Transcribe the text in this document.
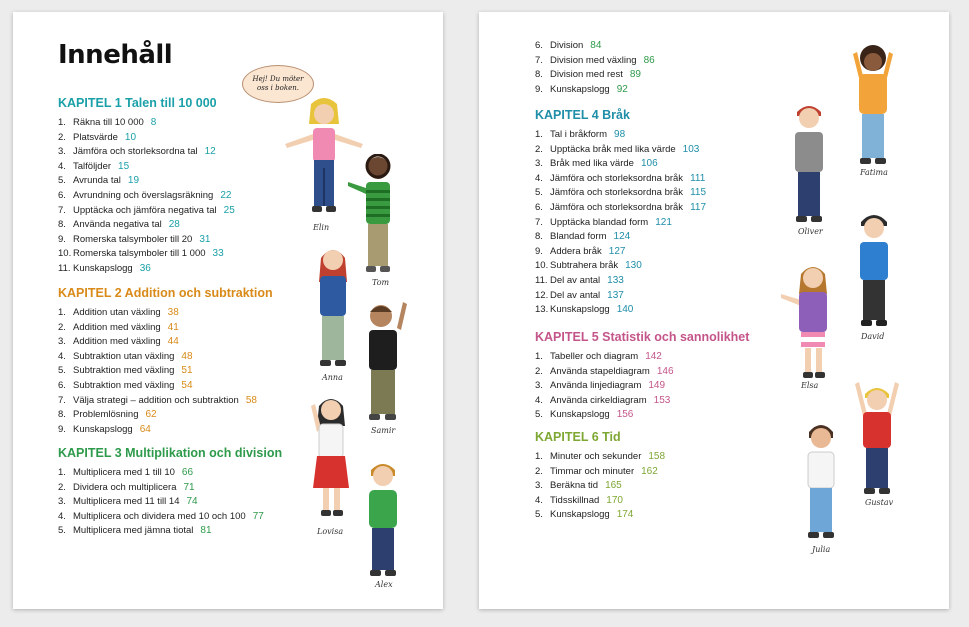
Innehåll
Hej! Du möter oss i boken.
KAPITEL 1 Talen till 10 000
1. Räkna till 10 000 8
2. Platsvärde 10
3. Jämföra och storleksordna tal 12
4. Talföljder 15
5. Avrunda tal 19
6. Avrundning och överslagsräkning 22
7. Upptäcka och jämföra negativa tal 25
8. Använda negativa tal 28
9. Romerska talsymboler till 20 31
10. Romerska talsymboler till 1 000 33
11. Kunskapslogg 36
KAPITEL 2 Addition och subtraktion
1. Addition utan växling 38
2. Addition med växling 41
3. Addition med växling 44
4. Subtraktion utan växling 48
5. Subtraktion med växling 51
6. Subtraktion med växling 54
7. Välja strategi – addition och subtraktion 58
8. Problemlösning 62
9. Kunskapslogg 64
KAPITEL 3 Multiplikation och division
1. Multiplicera med 1 till 10 66
2. Dividera och multiplicera 71
3. Multiplicera med 11 till 14 74
4. Multiplicera och dividera med 10 och 100 77
5. Multiplicera med jämna tiotal 81
Elin
Tom
Anna
Samir
Lovisa
Alex
6. Division 84
7. Division med växling 86
8. Division med rest 89
9. Kunskapslogg 92
KAPITEL 4 Bråk
1. Tal i bråkform 98
2. Upptäcka bråk med lika värde 103
3. Bråk med lika värde 106
4. Jämföra och storleksordna bråk 111
5. Jämföra och storleksordna bråk 115
6. Jämföra och storleksordna bråk 117
7. Upptäcka blandad form 121
8. Blandad form 124
9. Addera bråk 127
10. Subtrahera bråk 130
11. Del av antal 133
12. Del av antal 137
13. Kunskapslogg 140
KAPITEL 5 Statistik och sannolikhet
1. Tabeller och diagram 142
2. Använda stapeldiagram 146
3. Använda linjediagram 149
4. Använda cirkeldiagram 153
5. Kunskapslogg 156
KAPITEL 6 Tid
1. Minuter och sekunder 158
2. Timmar och minuter 162
3. Beräkna tid 165
4. Tidsskillnad 170
5. Kunskapslogg 174
Fatima
Oliver
David
Elsa
Gustav
Julia
